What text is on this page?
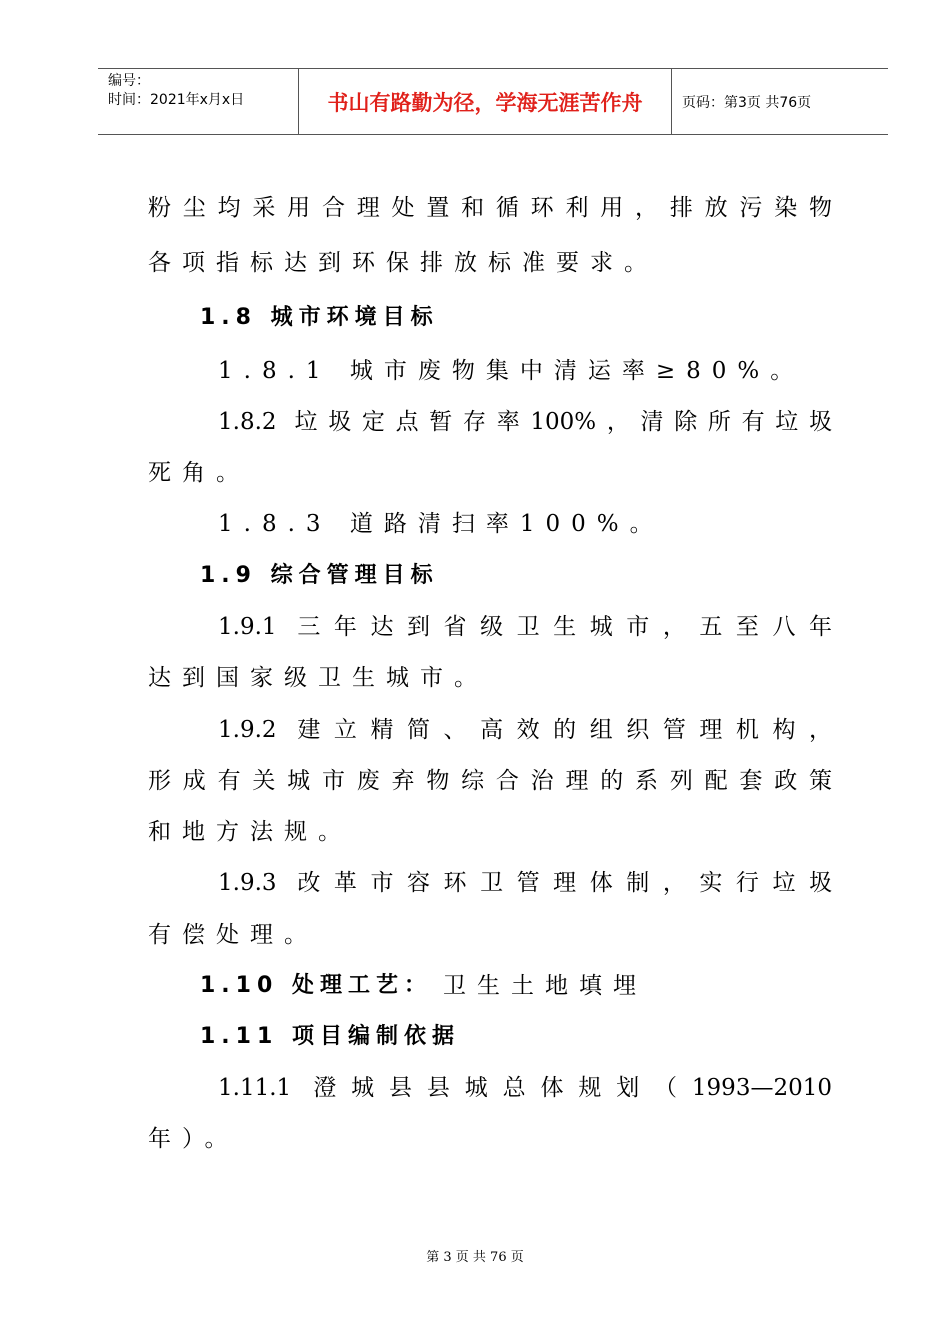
编号：
时间：2021年x月x日	书山有路勤为径，学海无涯苦作舟	页码：第3页 共76页
粉尘均采用合理处置和循环利用，排放污染物
各项指标达到环保排放标准要求。
1.8 城市环境目标
1.8.1 城市废物集中清运率≥80%。
1.8.2 垃圾定点暂存率100%，清除所有垃圾
死角。
1.8.3 道路清扫率100%。
1.9 综合管理目标
1.9.1 三年达到省级卫生城市，五至八年
达到国家级卫生城市。
1.9.2 建立精简、高效的组织管理机构，
形成有关城市废弃物综合治理的系列配套政策
和地方法规。
1.9.3 改革市容环卫管理体制，实行垃圾
有偿处理。
1.10 处理工艺： 卫生土地填埋
1.11 项目编制依据
1.11.1 澄城县县城总体规划（1993—2010
年）。
第 3 页 共 76 页
